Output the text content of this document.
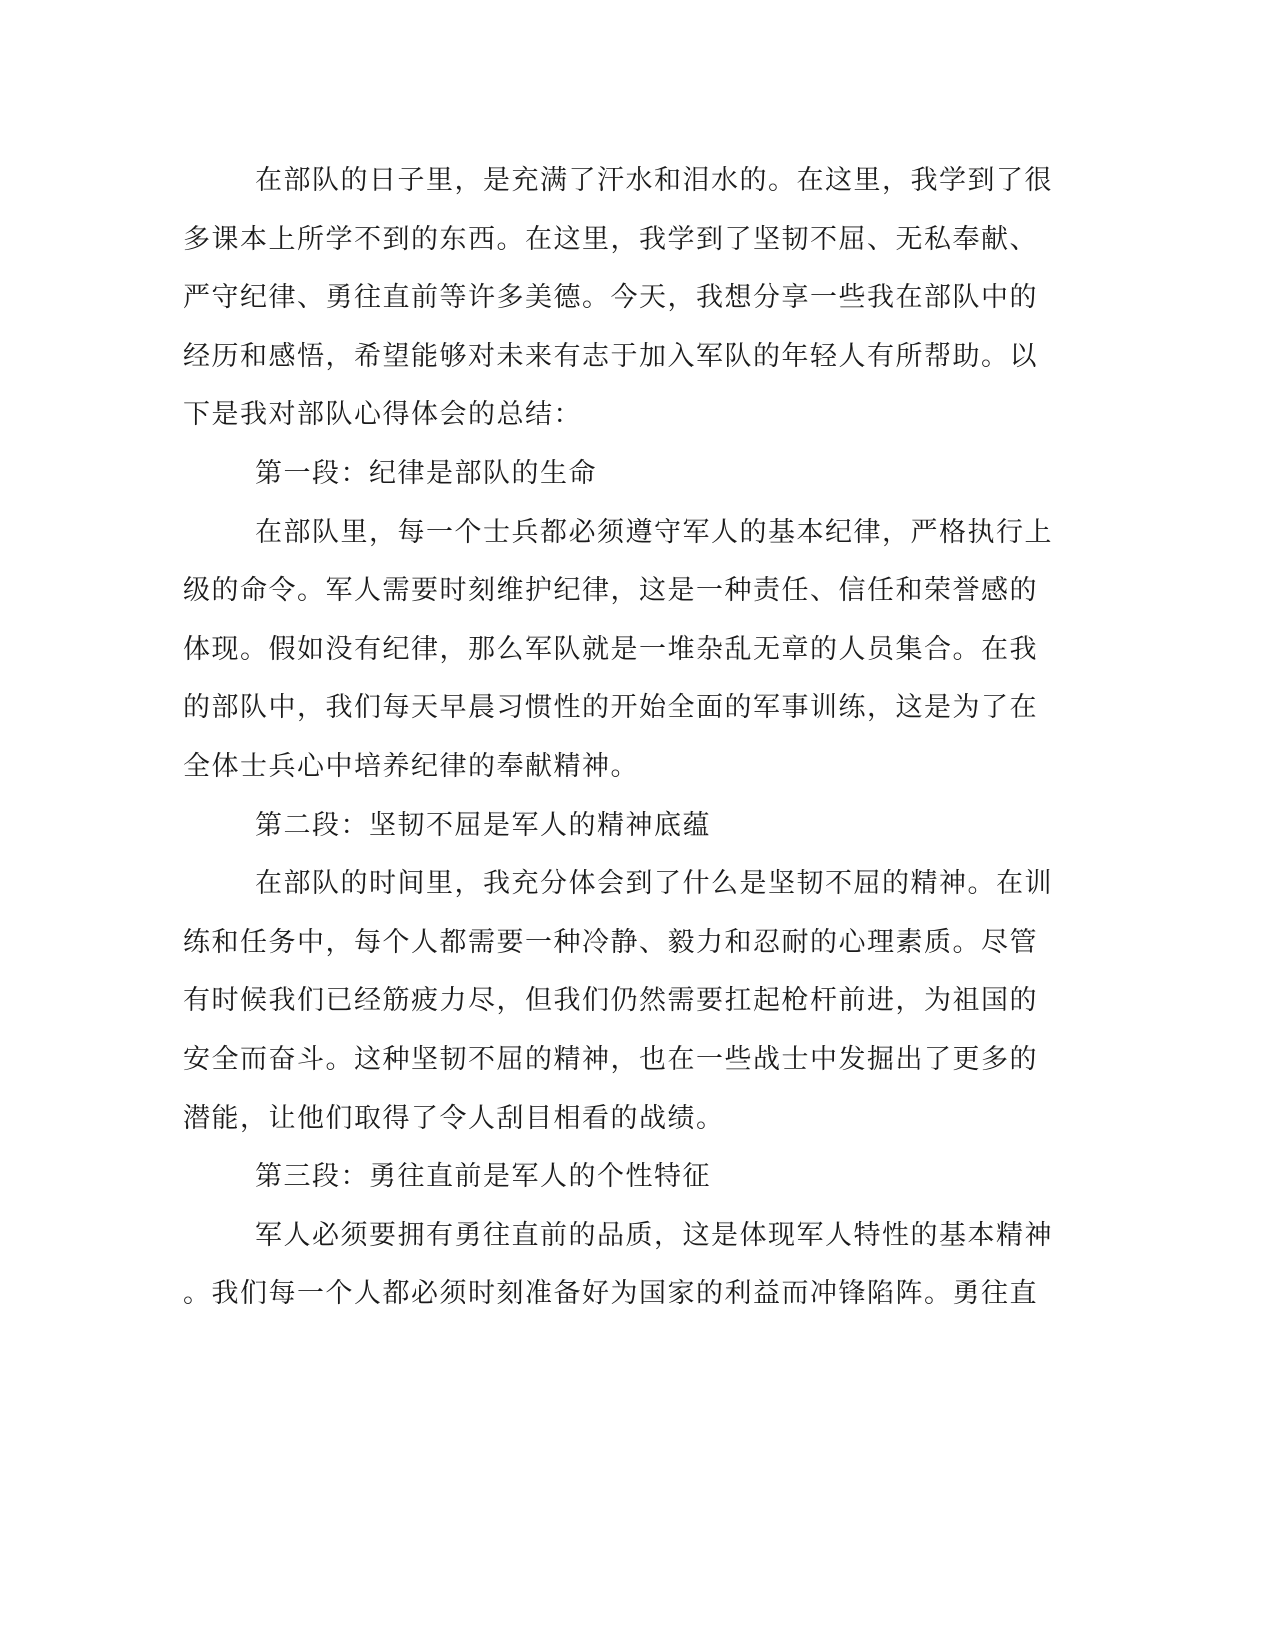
在部队的日子里，是充满了汗水和泪水的。在这里，我学到了很
多课本上所学不到的东西。在这里，我学到了坚韧不屈、无私奉献、
严守纪律、勇往直前等许多美德。今天，我想分享一些我在部队中的
经历和感悟，希望能够对未来有志于加入军队的年轻人有所帮助。以
下是我对部队心得体会的总结：
第一段：纪律是部队的生命
在部队里，每一个士兵都必须遵守军人的基本纪律，严格执行上
级的命令。军人需要时刻维护纪律，这是一种责任、信任和荣誉感的
体现。假如没有纪律，那么军队就是一堆杂乱无章的人员集合。在我
的部队中，我们每天早晨习惯性的开始全面的军事训练，这是为了在
全体士兵心中培养纪律的奉献精神。
第二段：坚韧不屈是军人的精神底蕴
在部队的时间里，我充分体会到了什么是坚韧不屈的精神。在训
练和任务中，每个人都需要一种冷静、毅力和忍耐的心理素质。尽管
有时候我们已经筋疲力尽，但我们仍然需要扛起枪杆前进，为祖国的
安全而奋斗。这种坚韧不屈的精神，也在一些战士中发掘出了更多的
潜能，让他们取得了令人刮目相看的战绩。
第三段：勇往直前是军人的个性特征
军人必须要拥有勇往直前的品质，这是体现军人特性的基本精神
。我们每一个人都必须时刻准备好为国家的利益而冲锋陷阵。勇往直
